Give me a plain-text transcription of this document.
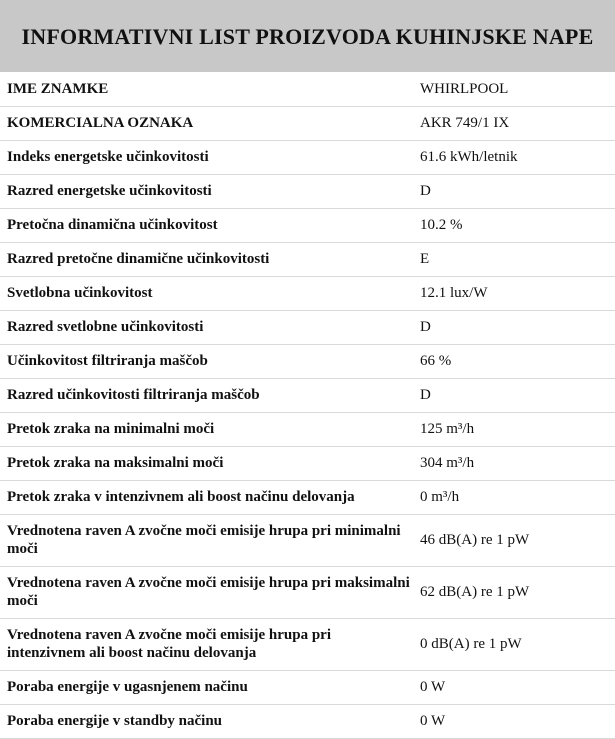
INFORMATIVNI LIST PROIZVODA KUHINJSKE NAPE
IME ZNAMKE	WHIRLPOOL
KOMERCIALNA OZNAKA	AKR 749/1 IX
Indeks energetske učinkovitosti	61.6 kWh/letnik
Razred energetske učinkovitosti	D
Pretočna dinamična učinkovitost	10.2 %
Razred pretočne dinamične učinkovitosti	E
Svetlobna učinkovitost	12.1 lux/W
Razred svetlobne učinkovitosti	D
Učinkovitost filtriranja maščob	66 %
Razred učinkovitosti filtriranja maščob	D
Pretok zraka na minimalni moči	125 m³/h
Pretok zraka na maksimalni moči	304 m³/h
Pretok zraka v intenzivnem ali boost načinu delovanja	0 m³/h
Vrednotena raven A zvočne moči emisije hrupa pri minimalni moči	46 dB(A) re 1 pW
Vrednotena raven A zvočne moči emisije hrupa pri maksimalni moči	62 dB(A) re 1 pW
Vrednotena raven A zvočne moči emisije hrupa pri intenzivnem ali boost načinu delovanja	0 dB(A) re 1 pW
Poraba energije v ugasnjenem načinu	0 W
Poraba energije v standby načinu	0 W
